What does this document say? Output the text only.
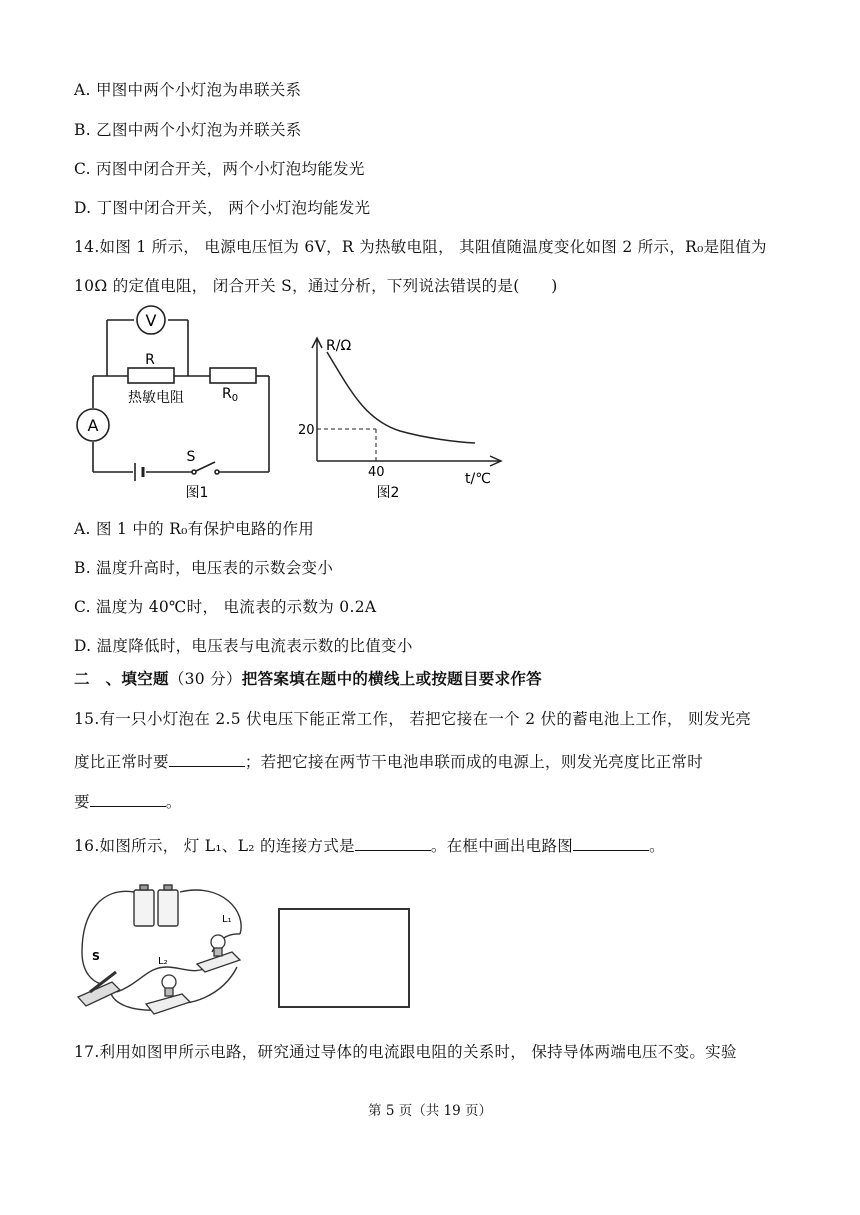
A. 甲图中两个小灯泡为串联关系
B. 乙图中两个小灯泡为并联关系
C. 丙图中闭合开关，两个小灯泡均能发光
D. 丁图中闭合开关， 两个小灯泡均能发光
14.如图 1 所示， 电源电压恒为 6V，R 为热敏电阻， 其阻值随温度变化如图 2 所示，R₀是阻值为
10Ω 的定值电阻， 闭合开关 S，通过分析，下列说法错误的是(　　)
V
R
热敏电阻	$R_0$
A
S
图1
R/Ω
20
40	t/℃
图2
A. 图 1 中的 R₀有保护电路的作用
B. 温度升高时，电压表的示数会变小
C. 温度为 40℃时， 电流表的示数为 0.2A
D. 温度降低时，电压表与电流表示数的比值变小
二　、填空题（30 分）把答案填在题中的横线上或按题目要求作答
15.有一只小灯泡在 2.5 伏电压下能正常工作， 若把它接在一个 2 伏的蓄电池上工作， 则发光亮
度比正常时要	；若把它接在两节干电池串联而成的电源上，则发光亮度比正常时
要	。
16.如图所示， 灯 L₁、L₂ 的连接方式是	。在框中画出电路图	。
S
L₁
L₂
17.利用如图甲所示电路，研究通过导体的电流跟电阻的关系时， 保持导体两端电压不变。实验
第 5 页（共 19 页）
